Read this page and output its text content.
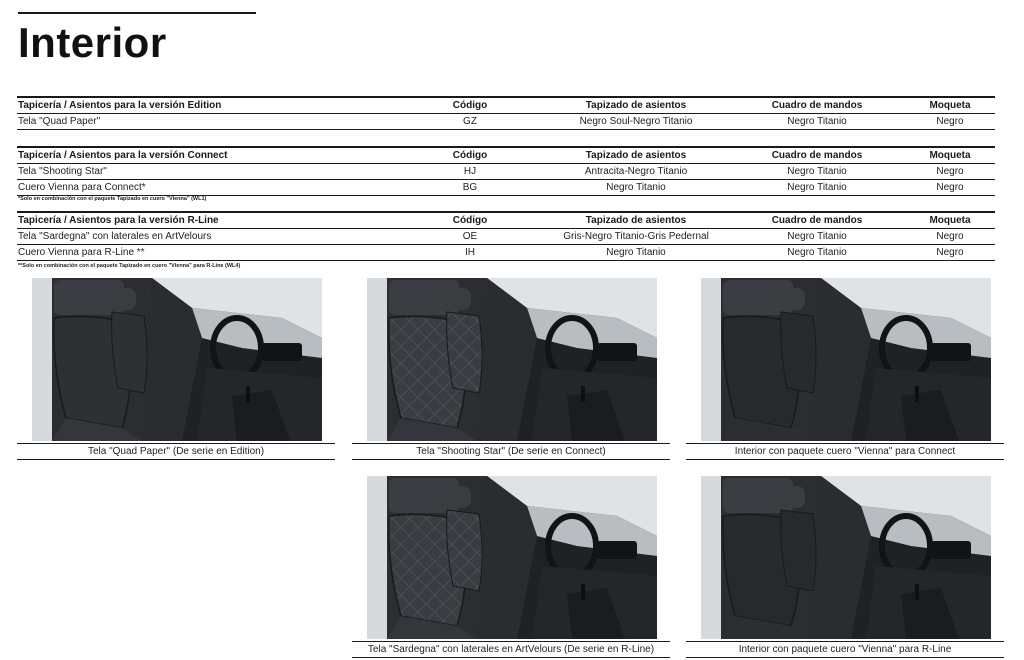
Interior
Tapicería / Asientos para la versión Edition	Código	Tapizado de asientos	Cuadro de mandos	Moqueta
Tela "Quad Paper"	GZ	Negro Soul-Negro Titanio	Negro Titanio	Negro
Tapicería / Asientos para la versión Connect	Código	Tapizado de asientos	Cuadro de mandos	Moqueta
Tela "Shooting Star"	HJ	Antracita-Negro Titanio	Negro Titanio	Negro
Cuero Vienna para Connect*	BG	Negro Titanio	Negro Titanio	Negro
*Solo en combinación con el paquete Tapizado en cuero "Vienna" (WL1)
Tapicería / Asientos para la versión R-Line	Código	Tapizado de asientos	Cuadro de mandos	Moqueta
Tela "Sardegna" con laterales en ArtVelours	OE	Gris-Negro Titanio-Gris Pedernal	Negro Titanio	Negro
Cuero Vienna para R-Line **	IH	Negro Titanio	Negro Titanio	Negro
**Solo en combinación con el paquete Tapizado en cuero "Vienna" para R-Line (WL4)
Tela "Quad Paper" (De serie en Edition)	Tela "Shooting Star" (De serie en Connect)	Interior con paquete cuero "Vienna" para Connect
Tela "Sardegna" con laterales en ArtVelours (De serie en R-Line)	Interior con paquete cuero "Vienna" para R-Line
